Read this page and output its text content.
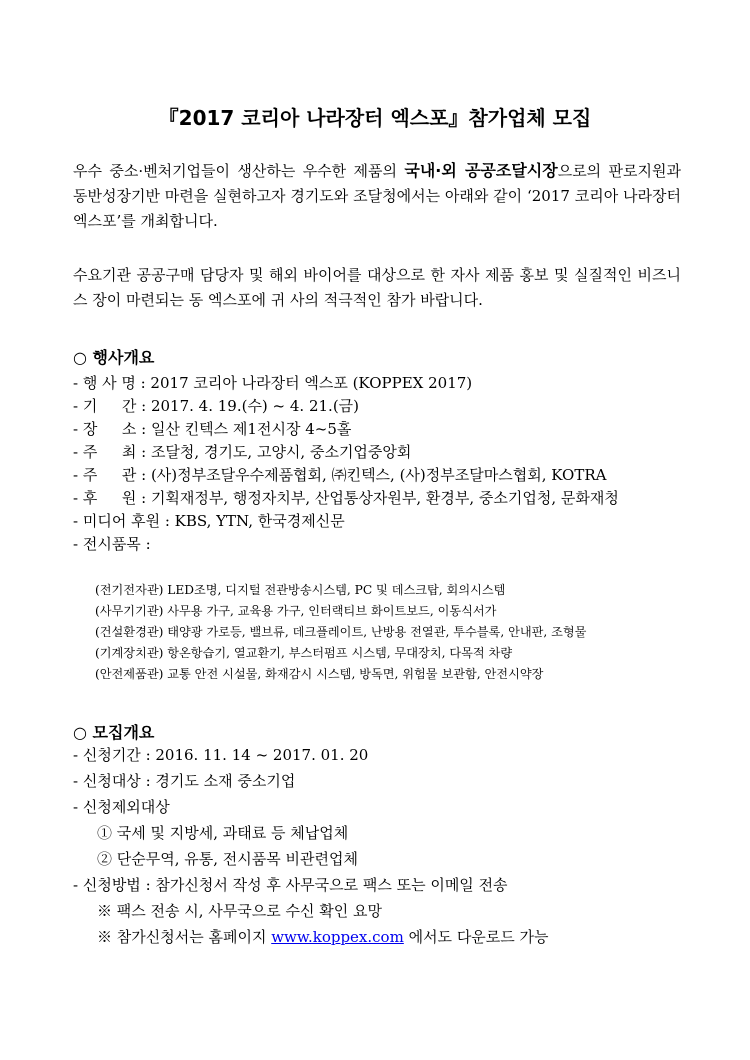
『2017 코리아 나라장터 엑스포』참가업체 모집
우수 중소·벤처기업들이 생산하는 우수한 제품의 국내·외 공공조달시장으로의 판로지원과 동반성장기반 마련을 실현하고자 경기도와 조달청에서는 아래와 같이 ‘2017 코리아 나라장터 엑스포’를 개최합니다.
수요기관 공공구매 담당자 및 해외 바이어를 대상으로 한 자사 제품 홍보 및 실질적인 비즈니스 장이 마련되는 동 엑스포에 귀 사의 적극적인 참가 바랍니다.
○ 행사개요
- 행 사 명 : 2017 코리아 나라장터 엑스포 (KOPPEX 2017)
- 기 　 간 : 2017. 4. 19.(수) ~ 4. 21.(금)
- 장 　 소 : 일산 킨텍스 제1전시장 4~5홀
- 주 　 최 : 조달청, 경기도, 고양시, 중소기업중앙회
- 주 　 관 : (사)정부조달우수제품협회, ㈜킨텍스, (사)정부조달마스협회, KOTRA
- 후 　 원 : 기획재정부, 행정자치부, 산업통상자원부, 환경부, 중소기업청, 문화재청
- 미디어 후원 : KBS, YTN, 한국경제신문
- 전시품목 :
(전기전자관) LED조명, 디지털 전관방송시스템, PC 및 데스크탑, 회의시스템
(사무기기관) 사무용 가구, 교육용 가구, 인터랙티브 화이트보드, 이동식서가
(건설환경관) 태양광 가로등, 밸브류, 데크플레이트, 난방용 전열관, 투수블록, 안내판, 조형물
(기계장치관) 항온항습기, 열교환기, 부스터펌프 시스템, 무대장치, 다목적 차량
(안전제품관) 교통 안전 시설물, 화재감시 시스템, 방독면, 위험물 보관함, 안전시약장
○ 모집개요
- 신청기간 : 2016. 11. 14 ~ 2017. 01. 20
- 신청대상 : 경기도 소재 중소기업
- 신청제외대상
① 국세 및 지방세, 과태료 등 체납업체
② 단순무역, 유통, 전시품목 비관련업체
- 신청방법 : 참가신청서 작성 후 사무국으로 팩스 또는 이메일 전송
※ 팩스 전송 시, 사무국으로 수신 확인 요망
※ 참가신청서는 홈페이지 www.koppex.com 에서도 다운로드 가능
